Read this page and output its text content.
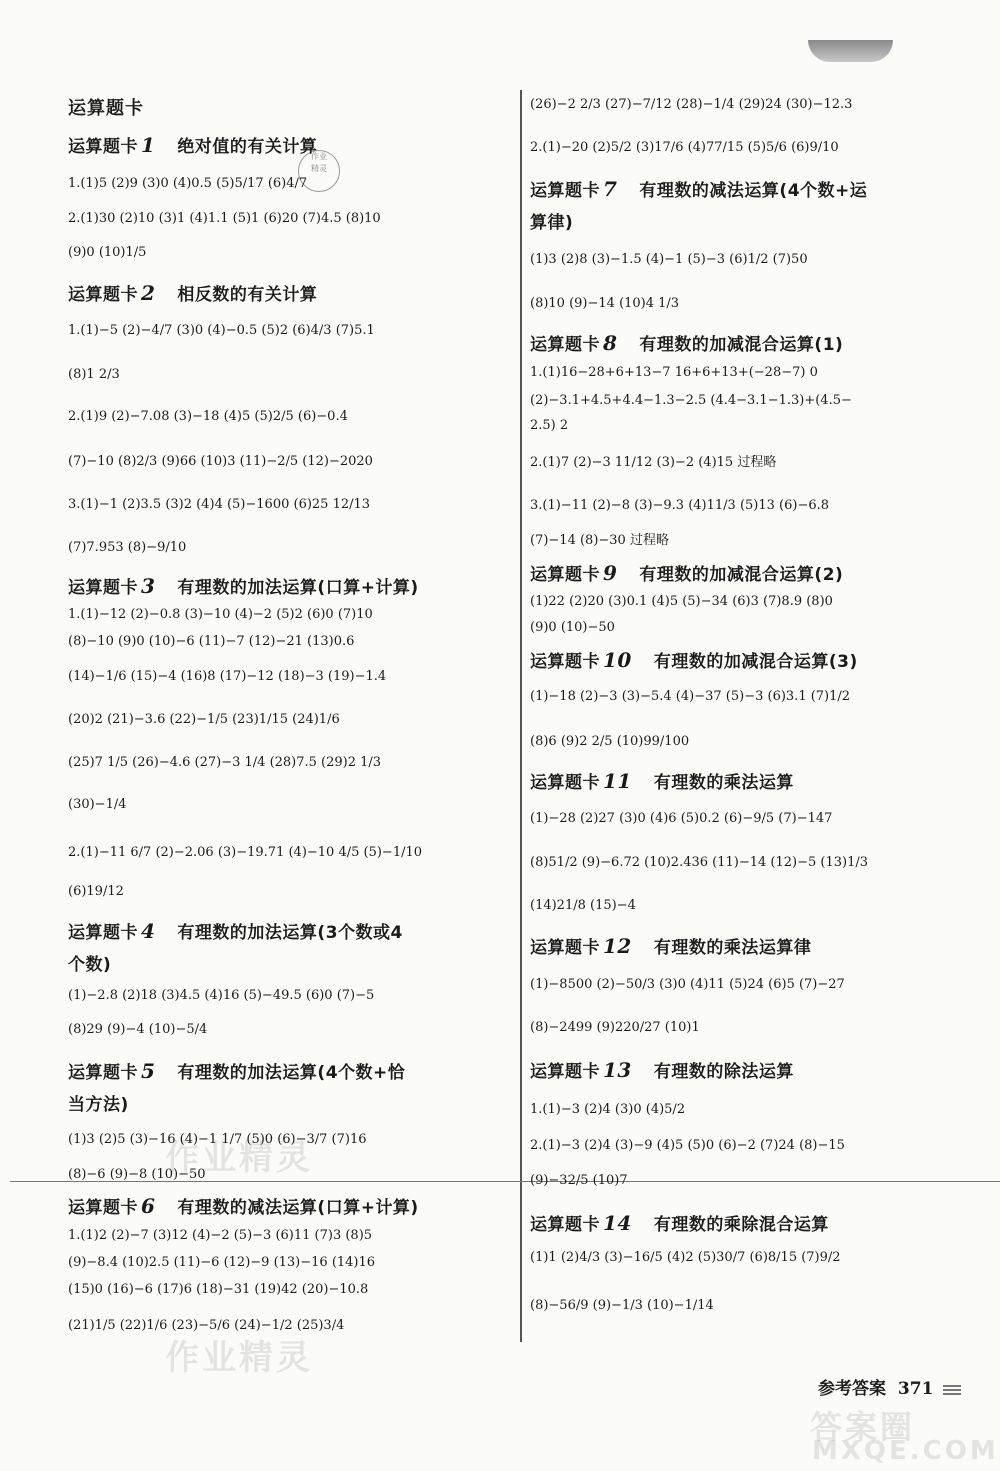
作业
精灵
作业精灵
作业精灵
答案圈
MXQE.COM
运算题卡
运算题卡 1 绝对值的有关计算
1.(1)5 (2)9 (3)0 (4)0.5 (5)5/17 (6)4/7
2.(1)30 (2)10 (3)1 (4)1.1 (5)1 (6)20 (7)4.5 (8)10
(9)0 (10)1/5
运算题卡 2 相反数的有关计算
1.(1)−5 (2)−4/7 (3)0 (4)−0.5 (5)2 (6)4/3 (7)5.1
(8)1 2/3
2.(1)9 (2)−7.08 (3)−18 (4)5 (5)2/5 (6)−0.4
(7)−10 (8)2/3 (9)66 (10)3 (11)−2/5 (12)−2020
3.(1)−1 (2)3.5 (3)2 (4)4 (5)−1600 (6)25 12/13
(7)7.953 (8)−9/10
运算题卡 3 有理数的加法运算(口算+计算)
1.(1)−12 (2)−0.8 (3)−10 (4)−2 (5)2 (6)0 (7)10
(8)−10 (9)0 (10)−6 (11)−7 (12)−21 (13)0.6
(14)−1/6 (15)−4 (16)8 (17)−12 (18)−3 (19)−1.4
(20)2 (21)−3.6 (22)−1/5 (23)1/15 (24)1/6
(25)7 1/5 (26)−4.6 (27)−3 1/4 (28)7.5 (29)2 1/3
(30)−1/4
2.(1)−11 6/7 (2)−2.06 (3)−19.71 (4)−10 4/5 (5)−1/10
(6)19/12
运算题卡 4 有理数的加法运算(3个数或4
个数)
(1)−2.8 (2)18 (3)4.5 (4)16 (5)−49.5 (6)0 (7)−5
(8)29 (9)−4 (10)−5/4
运算题卡 5 有理数的加法运算(4个数+恰
当方法)
(1)3 (2)5 (3)−16 (4)−1 1/7 (5)0 (6)−3/7 (7)16
(8)−6 (9)−8 (10)−50
运算题卡 6 有理数的减法运算(口算+计算)
1.(1)2 (2)−7 (3)12 (4)−2 (5)−3 (6)11 (7)3 (8)5
(9)−8.4 (10)2.5 (11)−6 (12)−9 (13)−16 (14)16
(15)0 (16)−6 (17)6 (18)−31 (19)42 (20)−10.8
(21)1/5 (22)1/6 (23)−5/6 (24)−1/2 (25)3/4
(26)−2 2/3 (27)−7/12 (28)−1/4 (29)24 (30)−12.3
2.(1)−20 (2)5/2 (3)17/6 (4)77/15 (5)5/6 (6)9/10
运算题卡 7 有理数的减法运算(4个数+运
算律)
(1)3 (2)8 (3)−1.5 (4)−1 (5)−3 (6)1/2 (7)50
(8)10 (9)−14 (10)4 1/3
运算题卡 8 有理数的加减混合运算(1)
1.(1)16−28+6+13−7 16+6+13+(−28−7) 0
(2)−3.1+4.5+4.4−1.3−2.5 (4.4−3.1−1.3)+(4.5−
2.5) 2
2.(1)7 (2)−3 11/12 (3)−2 (4)15 过程略
3.(1)−11 (2)−8 (3)−9.3 (4)11/3 (5)13 (6)−6.8
(7)−14 (8)−30 过程略
运算题卡 9 有理数的加减混合运算(2)
(1)22 (2)20 (3)0.1 (4)5 (5)−34 (6)3 (7)8.9 (8)0
(9)0 (10)−50
运算题卡 10 有理数的加减混合运算(3)
(1)−18 (2)−3 (3)−5.4 (4)−37 (5)−3 (6)3.1 (7)1/2
(8)6 (9)2 2/5 (10)99/100
运算题卡 11 有理数的乘法运算
(1)−28 (2)27 (3)0 (4)6 (5)0.2 (6)−9/5 (7)−147
(8)51/2 (9)−6.72 (10)2.436 (11)−14 (12)−5 (13)1/3
(14)21/8 (15)−4
运算题卡 12 有理数的乘法运算律
(1)−8500 (2)−50/3 (3)0 (4)11 (5)24 (6)5 (7)−27
(8)−2499 (9)220/27 (10)1
运算题卡 13 有理数的除法运算
1.(1)−3 (2)4 (3)0 (4)5/2
2.(1)−3 (2)4 (3)−9 (4)5 (5)0 (6)−2 (7)24 (8)−15
(9)−32/5 (10)7
运算题卡 14 有理数的乘除混合运算
(1)1 (2)4/3 (3)−16/5 (4)2 (5)30/7 (6)8/15 (7)9/2
(8)−56/9 (9)−1/3 (10)−1/14
参考答案 371
